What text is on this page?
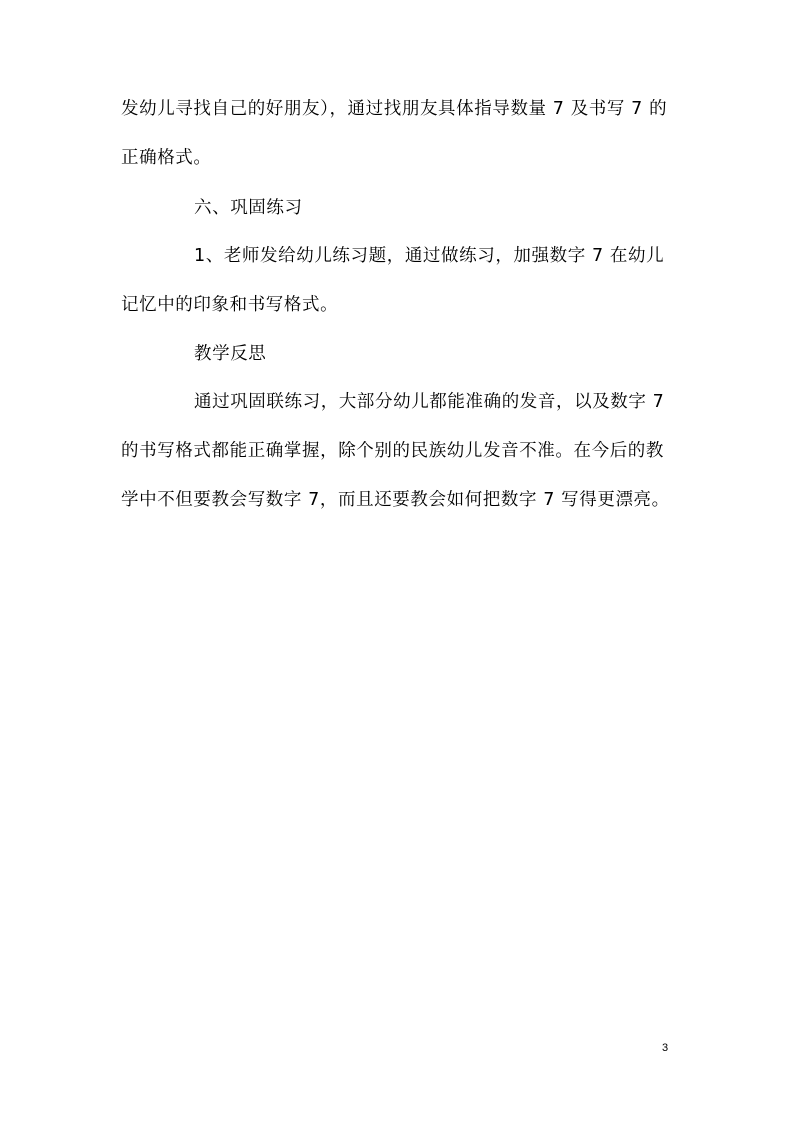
发幼儿寻找自己的好朋友），通过找朋友具体指导数量 7 及书写 7 的
正确格式。
六、巩固练习
1、老师发给幼儿练习题，通过做练习，加强数字 7 在幼儿
记忆中的印象和书写格式。
教学反思
通过巩固联练习，大部分幼儿都能准确的发音，以及数字 7
的书写格式都能正确掌握，除个别的民族幼儿发音不准。在今后的教
学中不但要教会写数字 7，而且还要教会如何把数字 7 写得更漂亮。
3
